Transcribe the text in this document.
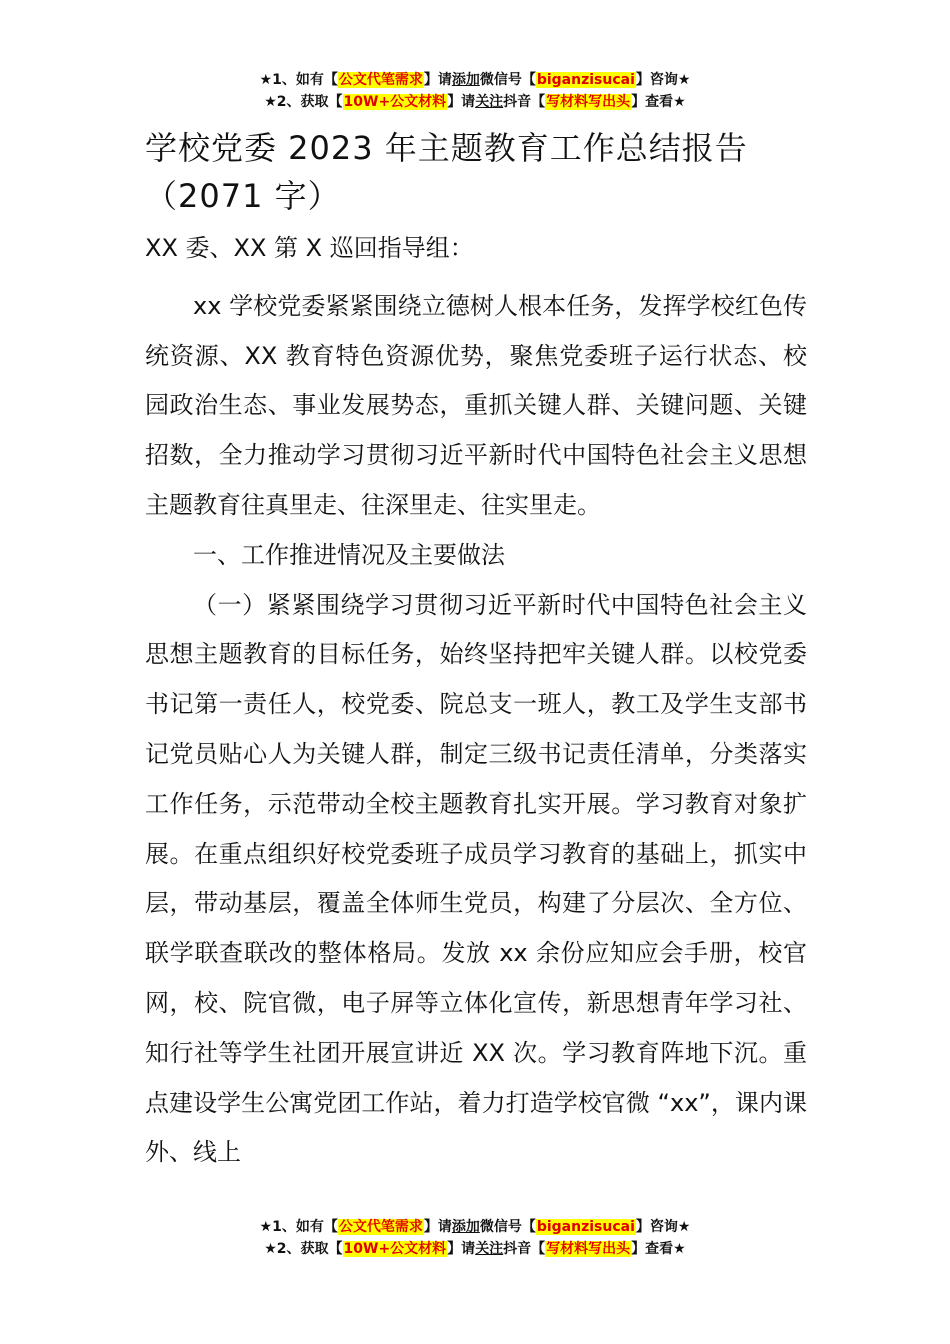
★1、如有【公文代笔需求】请添加微信号【biganzisucai】咨询★
★2、获取【10W+公文材料】请关注抖音【写材料写出头】查看★
学校党委 2023 年主题教育工作总结报告
（2071 字）

XX 委、XX 第 X 巡回指导组：

xx 学校党委紧紧围绕立德树人根本任务，发挥学校红色传统资源、XX 教育特色资源优势，聚焦党委班子运行状态、校园政治生态、事业发展势态，重抓关键人群、关键问题、关键招数，全力推动学习贯彻习近平新时代中国特色社会主义思想主题教育往真里走、往深里走、往实里走。

一、工作推进情况及主要做法

（一）紧紧围绕学习贯彻习近平新时代中国特色社会主义思想主题教育的目标任务，始终坚持把牢关键人群。以校党委书记第一责任人，校党委、院总支一班人，教工及学生支部书记党员贴心人为关键人群，制定三级书记责任清单，分类落实工作任务，示范带动全校主题教育扎实开展。学习教育对象扩展。在重点组织好校党委班子成员学习教育的基础上，抓实中层，带动基层，覆盖全体师生党员，构建了分层次、全方位、联学联查联改的整体格局。发放 xx 余份应知应会手册，校官网，校、院官微，电子屏等立体化宣传，新思想青年学习社、知行社等学生社团开展宣讲近 XX 次。学习教育阵地下沉。重点建设学生公寓党团工作站，着力打造学校官微 “xx”，课内课外、线上

★1、如有【公文代笔需求】请添加微信号【biganzisucai】咨询★
★2、获取【10W+公文材料】请关注抖音【写材料写出头】查看★
